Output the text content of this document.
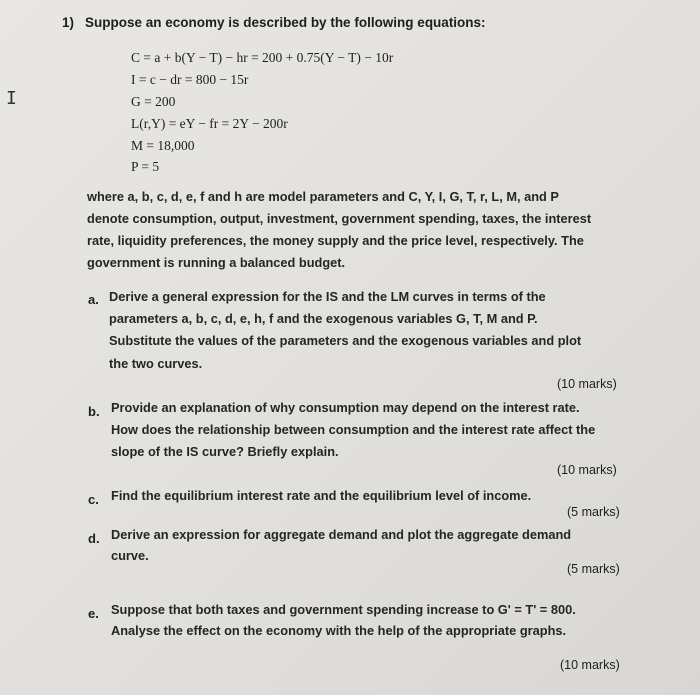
I
1) Suppose an economy is described by the following equations:
C = a + b(Y − T) − hr = 200 + 0.75(Y − T) − 10r
I = c − dr = 800 − 15r
G = 200
L(r,Y) = eY − fr = 2Y − 200r
M = 18,000
P = 5
where a, b, c, d, e, f and h are model parameters and C, Y, I, G, T, r, L, M, and P
denote consumption, output, investment, government spending, taxes, the interest
rate, liquidity preferences, the money supply and the price level, respectively. The
government is running a balanced budget.
a. Derive a general expression for the IS and the LM curves in terms of the
parameters a, b, c, d, e, h, f and the exogenous variables G, T, M and P.
Substitute the values of the parameters and the exogenous variables and plot
the two curves.
(10 marks)
b. Provide an explanation of why consumption may depend on the interest rate.
How does the relationship between consumption and the interest rate affect the
slope of the IS curve? Briefly explain.
(10 marks)
c. Find the equilibrium interest rate and the equilibrium level of income.
(5 marks)
d. Derive an expression for aggregate demand and plot the aggregate demand
curve.
(5 marks)
e. Suppose that both taxes and government spending increase to G' = T' = 800.
Analyse the effect on the economy with the help of the appropriate graphs.
(10 marks)
